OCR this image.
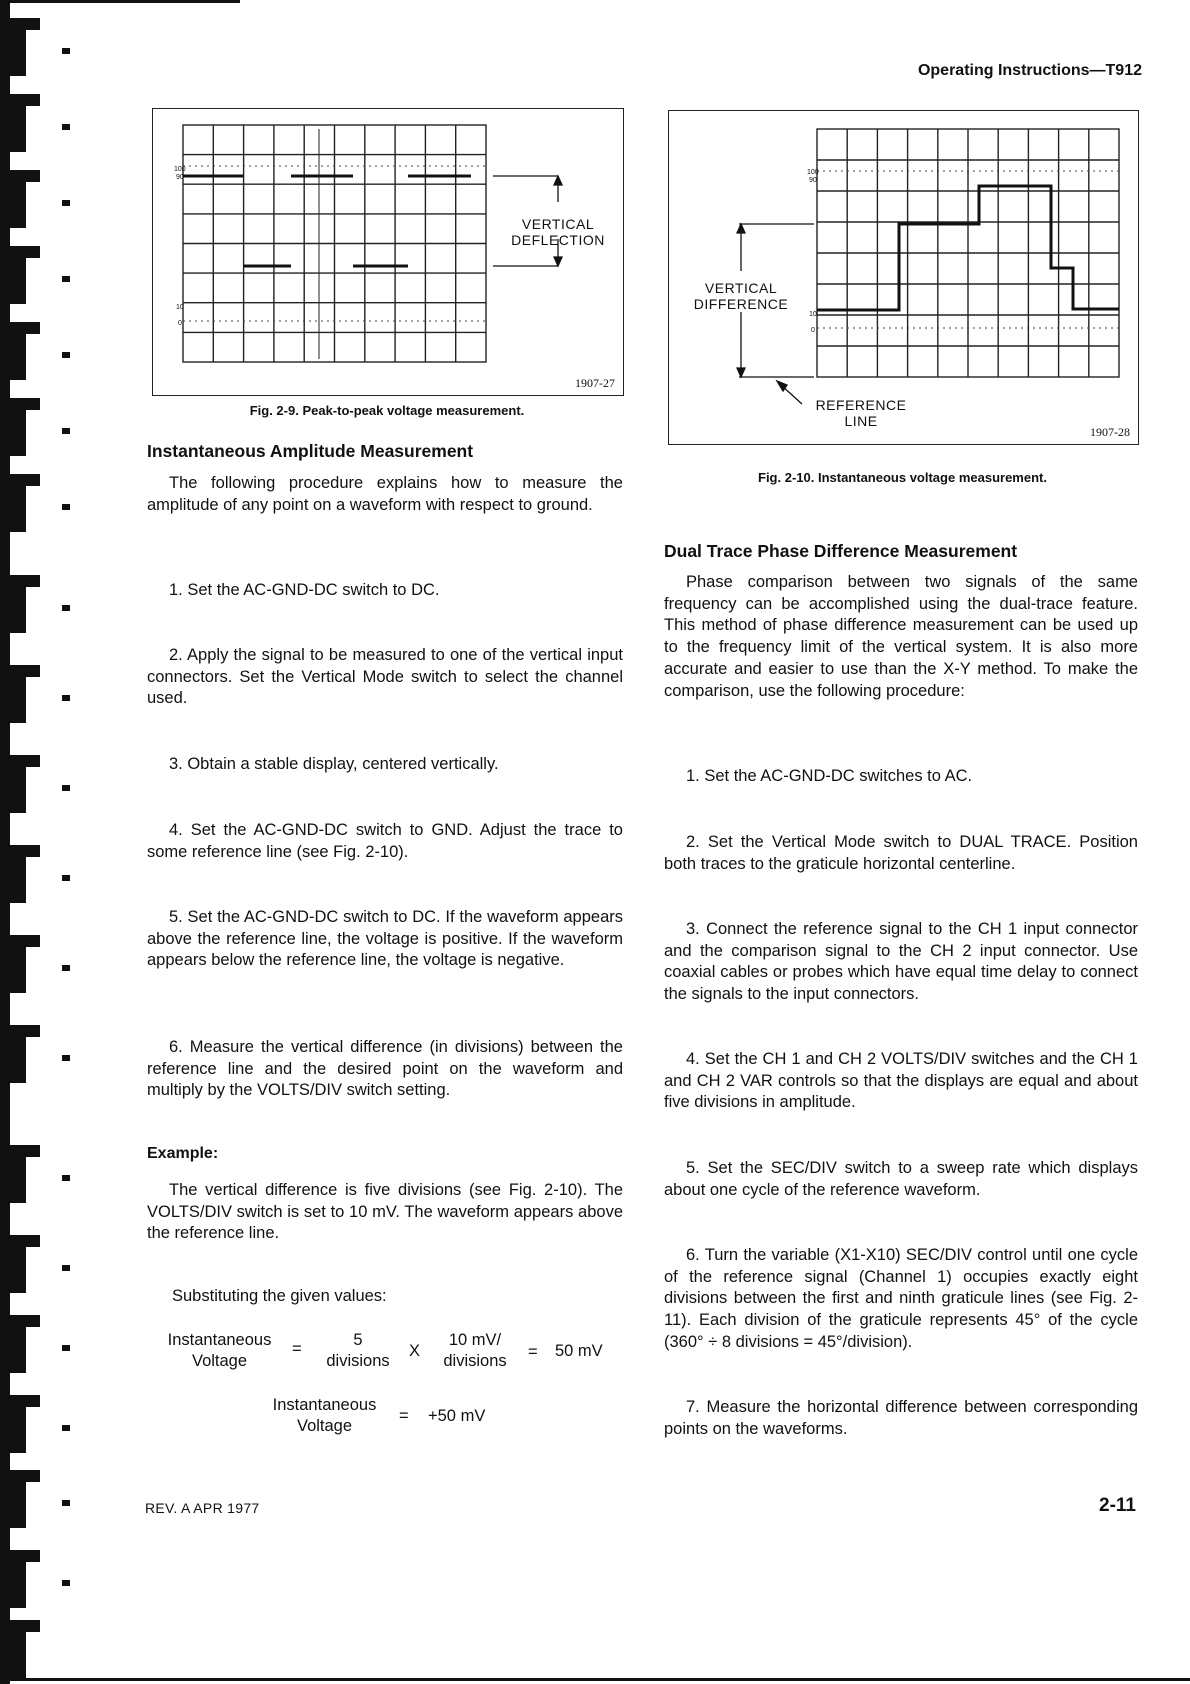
Operating Instructions—T912
100
90
10
0
VERTICAL
DEFLECTION
1907-27
Fig. 2-9. Peak-to-peak voltage measurement.
100
90
10
0
VERTICAL
DIFFERENCE
REFERENCE
LINE
1907-28
Fig. 2-10. Instantaneous voltage measurement.
Instantaneous Amplitude Measurement

The following procedure explains how to measure the amplitude of any point on a waveform with respect to ground.

1. Set the AC-GND-DC switch to DC.

2. Apply the signal to be measured to one of the vertical input connectors. Set the Vertical Mode switch to select the channel used.

3. Obtain a stable display, centered vertically.

4. Set the AC-GND-DC switch to GND. Adjust the trace to some reference line (see Fig. 2-10).

5. Set the AC-GND-DC switch to DC. If the waveform appears above the reference line, the voltage is positive. If the waveform appears below the reference line, the voltage is negative.

6. Measure the vertical difference (in divisions) between the reference line and the desired point on the waveform and multiply by the VOLTS/DIV switch setting.

Example:

The vertical difference is five divisions (see Fig. 2-10). The VOLTS/DIV switch is set to 10 mV. The waveform appears above the reference line.

Substituting the given values:
Instantaneous
Voltage
=	5
divisions
X
10 mV/
divisions	= 50 mV
Instantaneous
Voltage
= +50 mV
Dual Trace Phase Difference Measurement

Phase comparison between two signals of the same frequency can be accomplished using the dual-trace feature. This method of phase difference measurement can be used up to the frequency limit of the vertical system. It is also more accurate and easier to use than the X-Y method. To make the comparison, use the following procedure:

1. Set the AC-GND-DC switches to AC.

2. Set the Vertical Mode switch to DUAL TRACE. Position both traces to the graticule horizontal centerline.

3. Connect the reference signal to the CH 1 input connector and the comparison signal to the CH 2 input connector. Use coaxial cables or probes which have equal time delay to connect the signals to the input connectors.

4. Set the CH 1 and CH 2 VOLTS/DIV switches and the CH 1 and CH 2 VAR controls so that the displays are equal and about five divisions in amplitude.

5. Set the SEC/DIV switch to a sweep rate which displays about one cycle of the reference waveform.

6. Turn the variable (X1-X10) SEC/DIV control until one cycle of the reference signal (Channel 1) occupies exactly eight divisions between the first and ninth graticule lines (see Fig. 2-11). Each division of the graticule represents 45° of the cycle (360° ÷ 8 divisions = 45°/division).

7. Measure the horizontal difference between corresponding points on the waveforms.

REV. A APR 1977	2-11
